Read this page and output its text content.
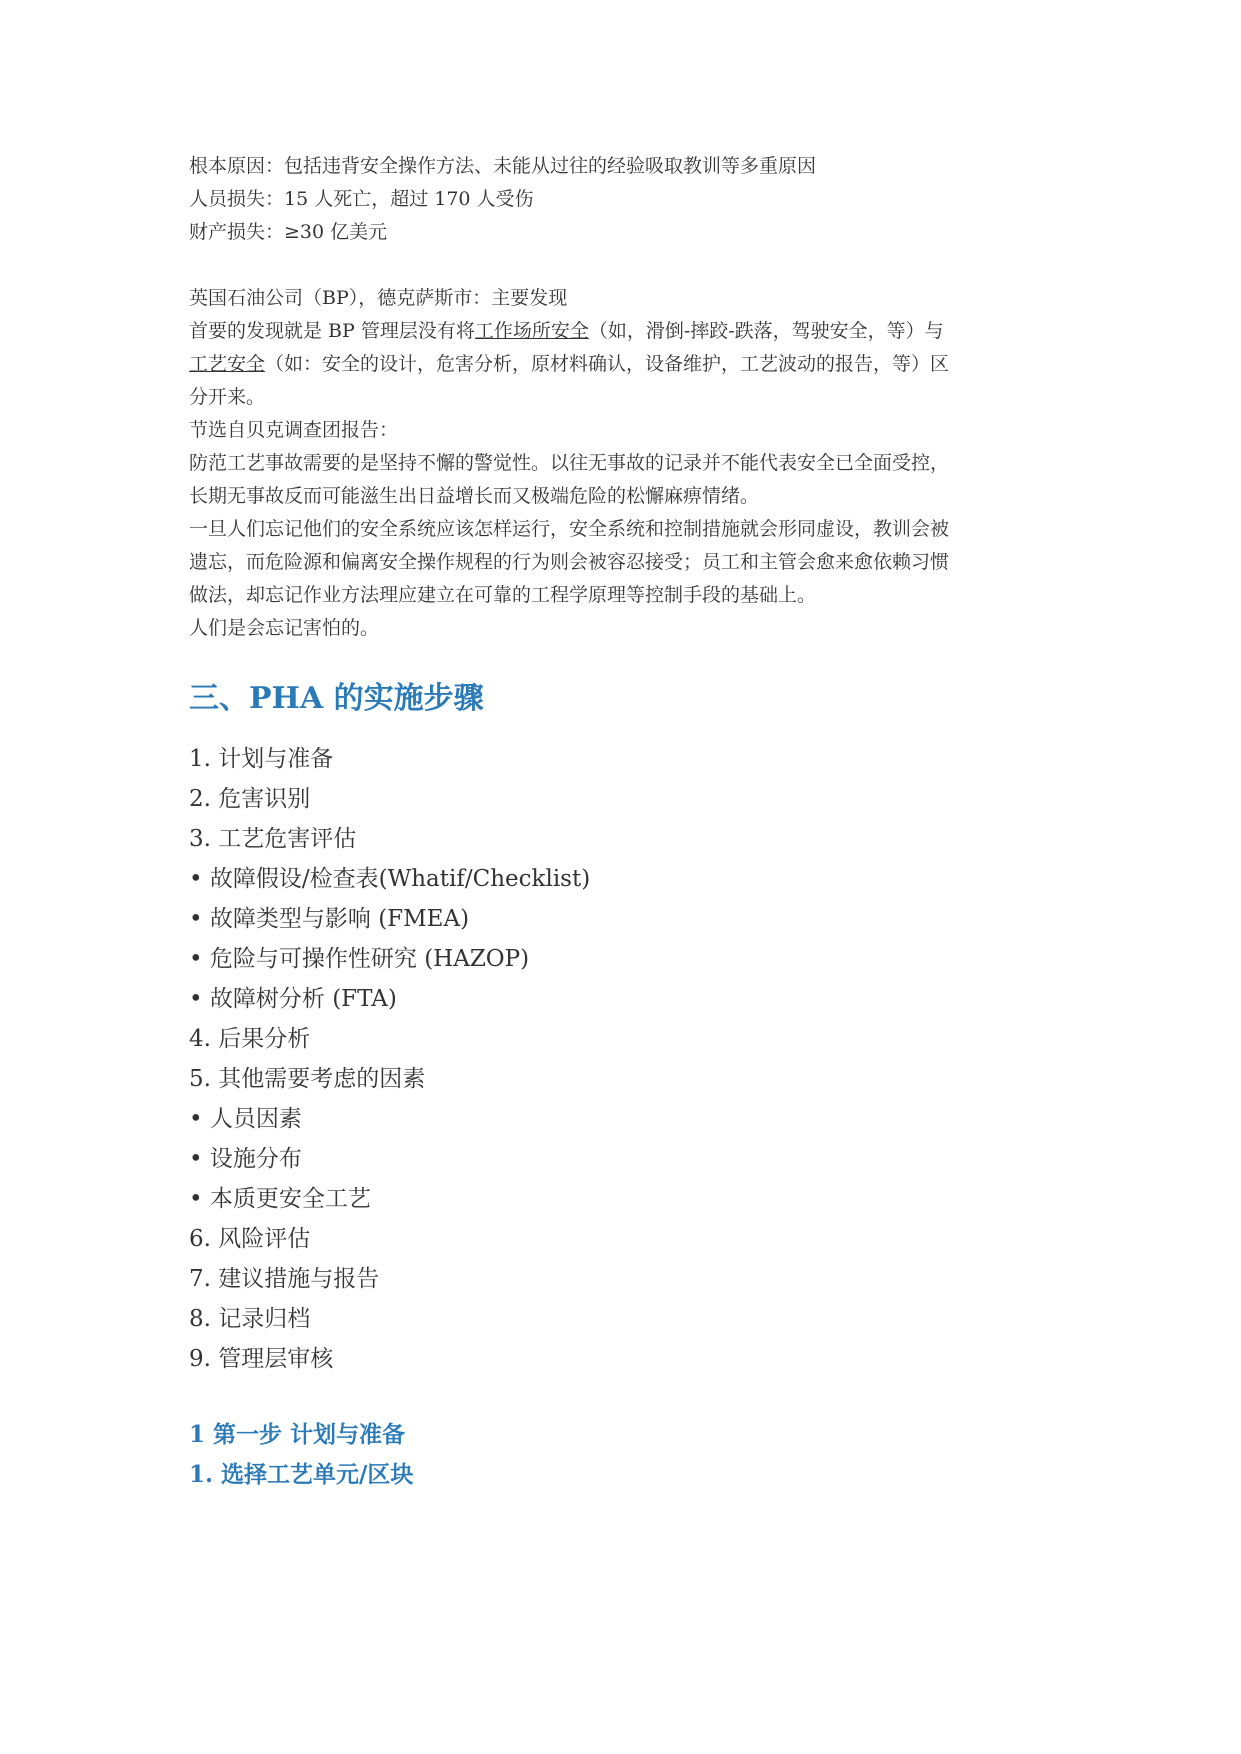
根本原因：包括违背安全操作方法、未能从过往的经验吸取教训等多重原因
人员损失：15 人死亡，超过 170 人受伤
财产损失：≥30 亿美元
英国石油公司（BP），德克萨斯市：主要发现
首要的发现就是 BP 管理层没有将工作场所安全（如，滑倒-摔跤-跌落，驾驶安全，等）与
工艺安全（如：安全的设计，危害分析，原材料确认，设备维护，工艺波动的报告，等）区
分开来。
节选自贝克调查团报告：
防范工艺事故需要的是坚持不懈的警觉性。以往无事故的记录并不能代表安全已全面受控，
长期无事故反而可能滋生出日益增长而又极端危险的松懈麻痹情绪。
一旦人们忘记他们的安全系统应该怎样运行，安全系统和控制措施就会形同虚设，教训会被
遗忘，而危险源和偏离安全操作规程的行为则会被容忍接受；员工和主管会愈来愈依赖习惯
做法，却忘记作业方法理应建立在可靠的工程学原理等控制手段的基础上。
人们是会忘记害怕的。
三、PHA 的实施步骤
1. 计划与准备
2. 危害识别
3. 工艺危害评估
• 故障假设/检查表(Whatif/Checklist)
• 故障类型与影响 (FMEA)
• 危险与可操作性研究 (HAZOP)
• 故障树分析 (FTA)
4. 后果分析
5. 其他需要考虑的因素
• 人员因素
• 设施分布
• 本质更安全工艺
6. 风险评估
7. 建议措施与报告
8. 记录归档
9. 管理层审核
1 第一步 计划与准备
1. 选择工艺单元/区块
